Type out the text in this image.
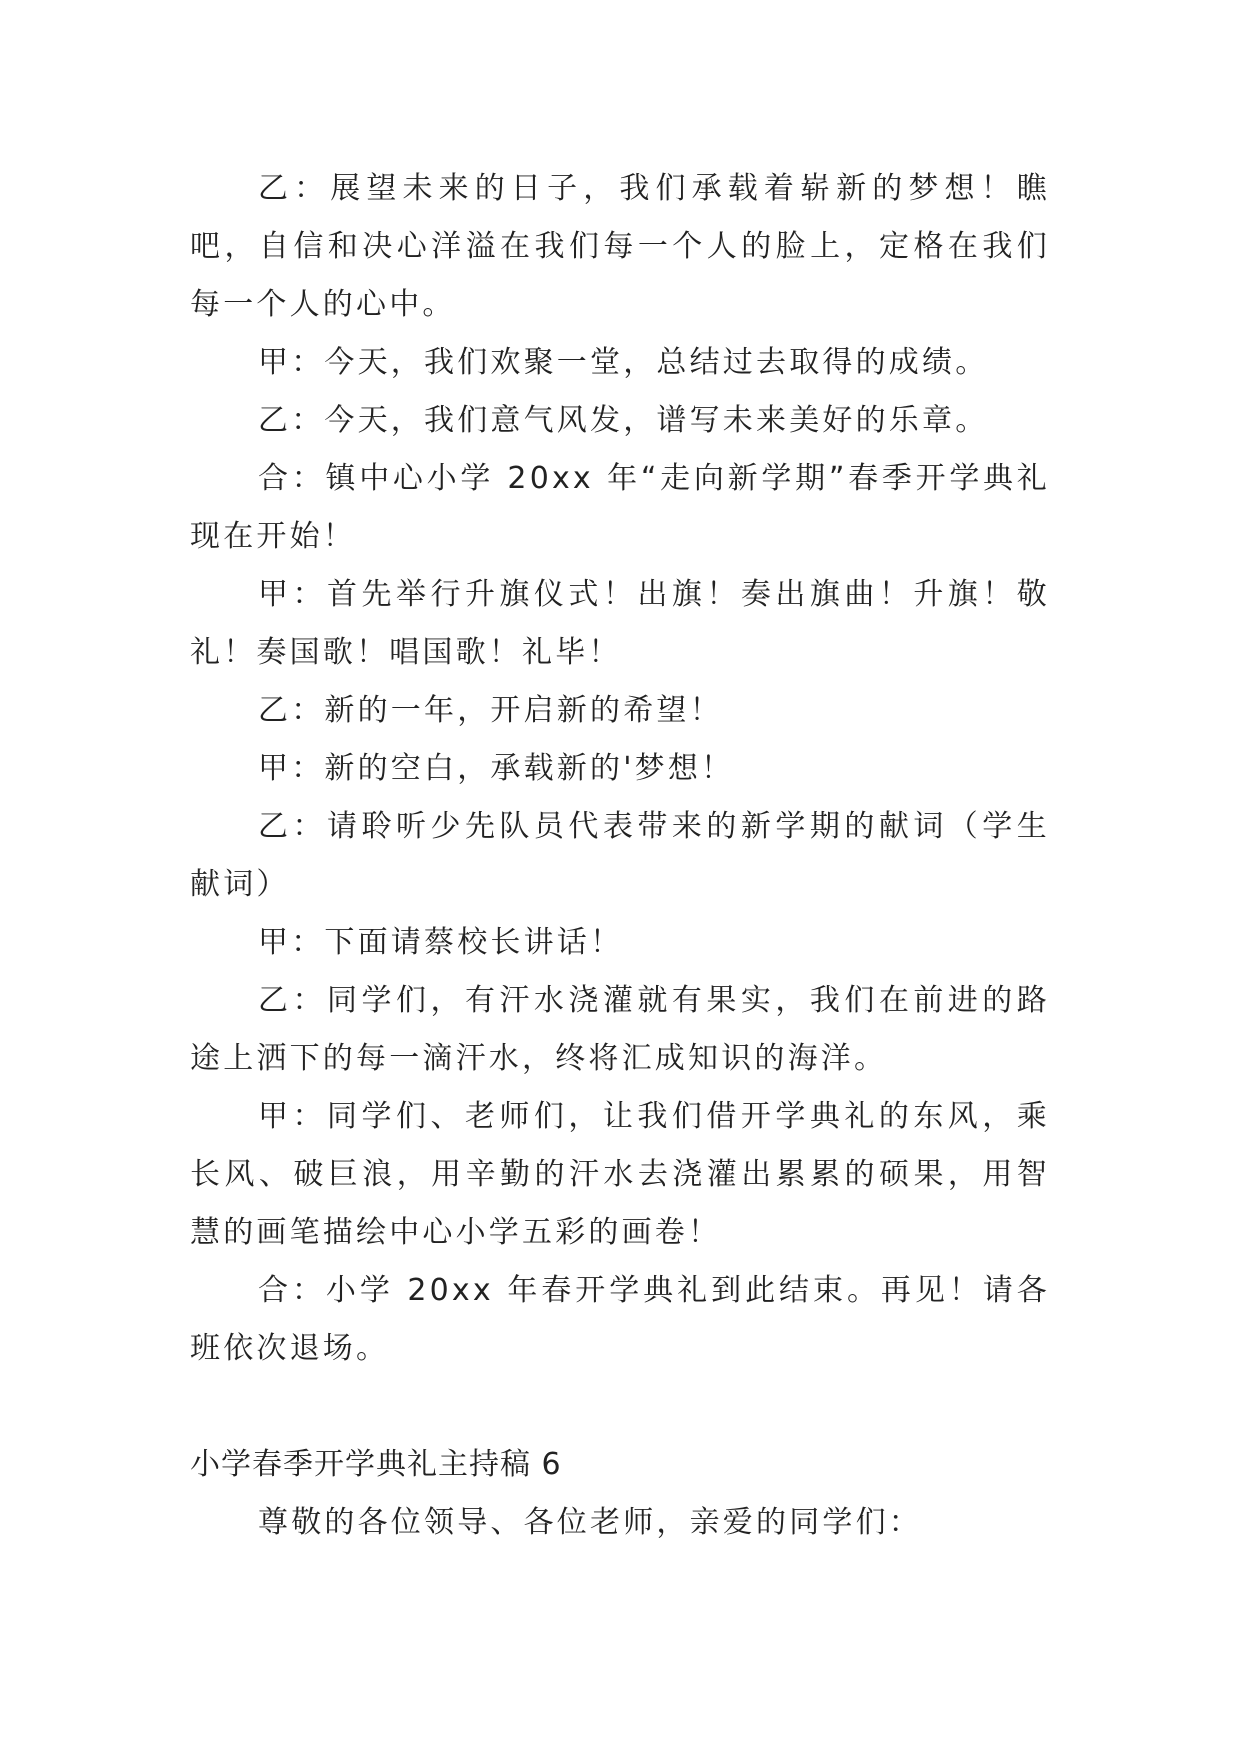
乙：展望未来的日子，我们承载着崭新的梦想！瞧吧，自信和决心洋溢在我们每一个人的脸上，定格在我们每一个人的心中。

甲：今天，我们欢聚一堂，总结过去取得的成绩。

乙：今天，我们意气风发，谱写未来美好的乐章。

合：镇中心小学 20xx 年“走向新学期”春季开学典礼现在开始！

甲：首先举行升旗仪式！出旗！奏出旗曲！升旗！敬礼！奏国歌！唱国歌！礼毕！

乙：新的一年，开启新的希望！

甲：新的空白，承载新的'梦想！

乙：请聆听少先队员代表带来的新学期的献词（学生献词）

甲：下面请蔡校长讲话！

乙：同学们，有汗水浇灌就有果实，我们在前进的路途上洒下的每一滴汗水，终将汇成知识的海洋。

甲：同学们、老师们，让我们借开学典礼的东风，乘长风、破巨浪，用辛勤的汗水去浇灌出累累的硕果，用智慧的画笔描绘中心小学五彩的画卷！

合：小学 20xx 年春开学典礼到此结束。再见！请各班依次退场。

小学春季开学典礼主持稿 6

尊敬的各位领导、各位老师，亲爱的同学们：
